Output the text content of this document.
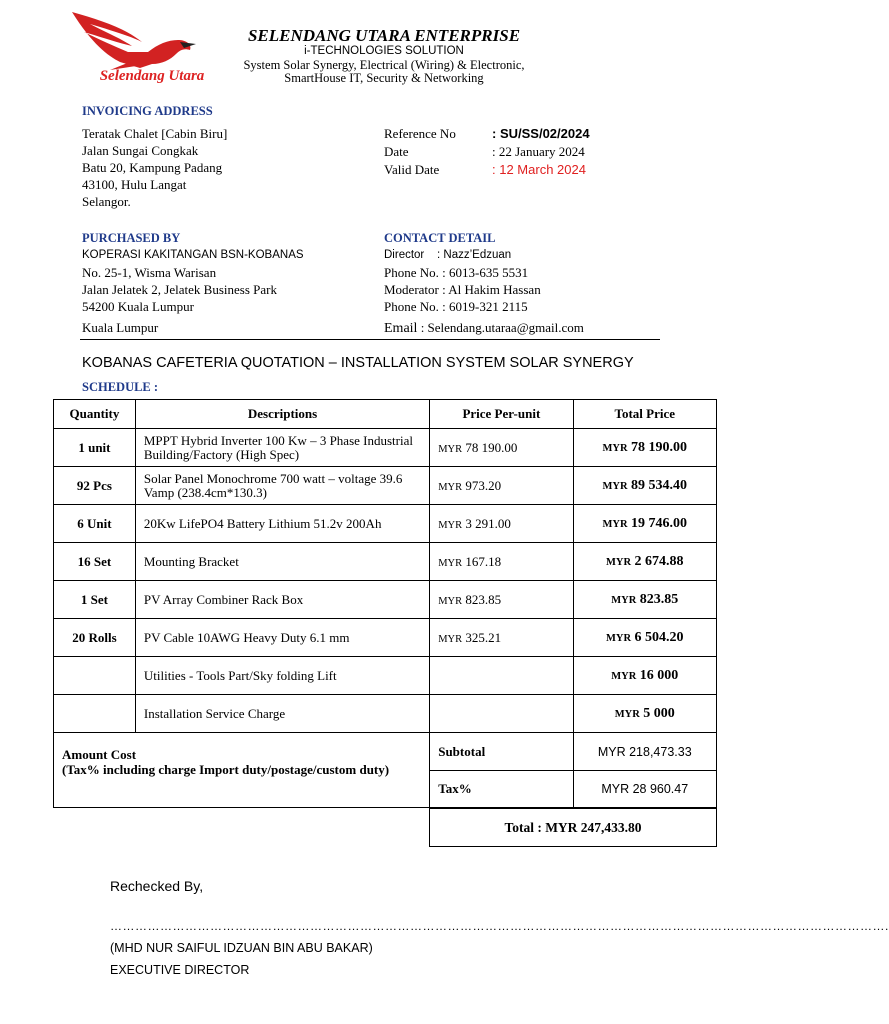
Selendang Utara
SELENDANG UTARA ENTERPRISE
i-TECHNOLOGIES SOLUTION
System Solar Synergy, Electrical (Wiring) & Electronic,
SmartHouse IT, Security & Networking
INVOICING ADDRESS
Teratak Chalet [Cabin Biru]
Jalan Sungai Congkak
Batu 20, Kampung Padang
43100, Hulu Langat
Selangor.
Reference No	: SU/SS/02/2024
Date	: 22 January 2024
Valid Date	: 12 March 2024
PURCHASED BY
KOPERASI KAKITANGAN BSN-KOBANAS
No. 25-1, Wisma Warisan
Jalan Jelatek 2, Jelatek Business Park
54200 Kuala Lumpur
Kuala Lumpur
CONTACT DETAIL
Director    : Nazz’Edzuan
Phone No. : 6013-635 5531
Moderator : Al Hakim Hassan
Phone No. : 6019-321 2115
Email : Selendang.utaraa@gmail.com
KOBANAS CAFETERIA QUOTATION – INSTALLATION SYSTEM SOLAR SYNERGY
SCHEDULE :
Quantity	Descriptions	Price Per-unit	Total Price
1 unit	MPPT Hybrid Inverter 100 Kw – 3 Phase Industrial Building/Factory (High Spec)	MYR 78 190.00	MYR 78 190.00
92 Pcs	Solar Panel Monochrome 700 watt – voltage 39.6 Vamp (238.4cm*130.3)	MYR 973.20	MYR 89 534.40
6 Unit	20Kw LifePO4 Battery Lithium 51.2v 200Ah	MYR 3 291.00	MYR 19 746.00
16 Set	Mounting Bracket	MYR 167.18	MYR 2 674.88
1 Set	PV Array Combiner Rack Box	MYR 823.85	MYR 823.85
20 Rolls	PV Cable 10AWG Heavy Duty 6.1 mm	MYR 325.21	MYR 6 504.20
	Utilities - Tools Part/Sky folding Lift		MYR 16 000
	Installation Service Charge		MYR 5 000

Amount Cost
(Tax% including charge Import duty/postage/custom duty)		Subtotal	MYR 218,473.33
		Tax%	MYR 28 960.47
Total : MYR 247,433.80
Rechecked By,
…………………………………………………………………………………………………………………………………………………………………….
(MHD NUR SAIFUL IDZUAN BIN ABU BAKAR)
EXECUTIVE DIRECTOR
